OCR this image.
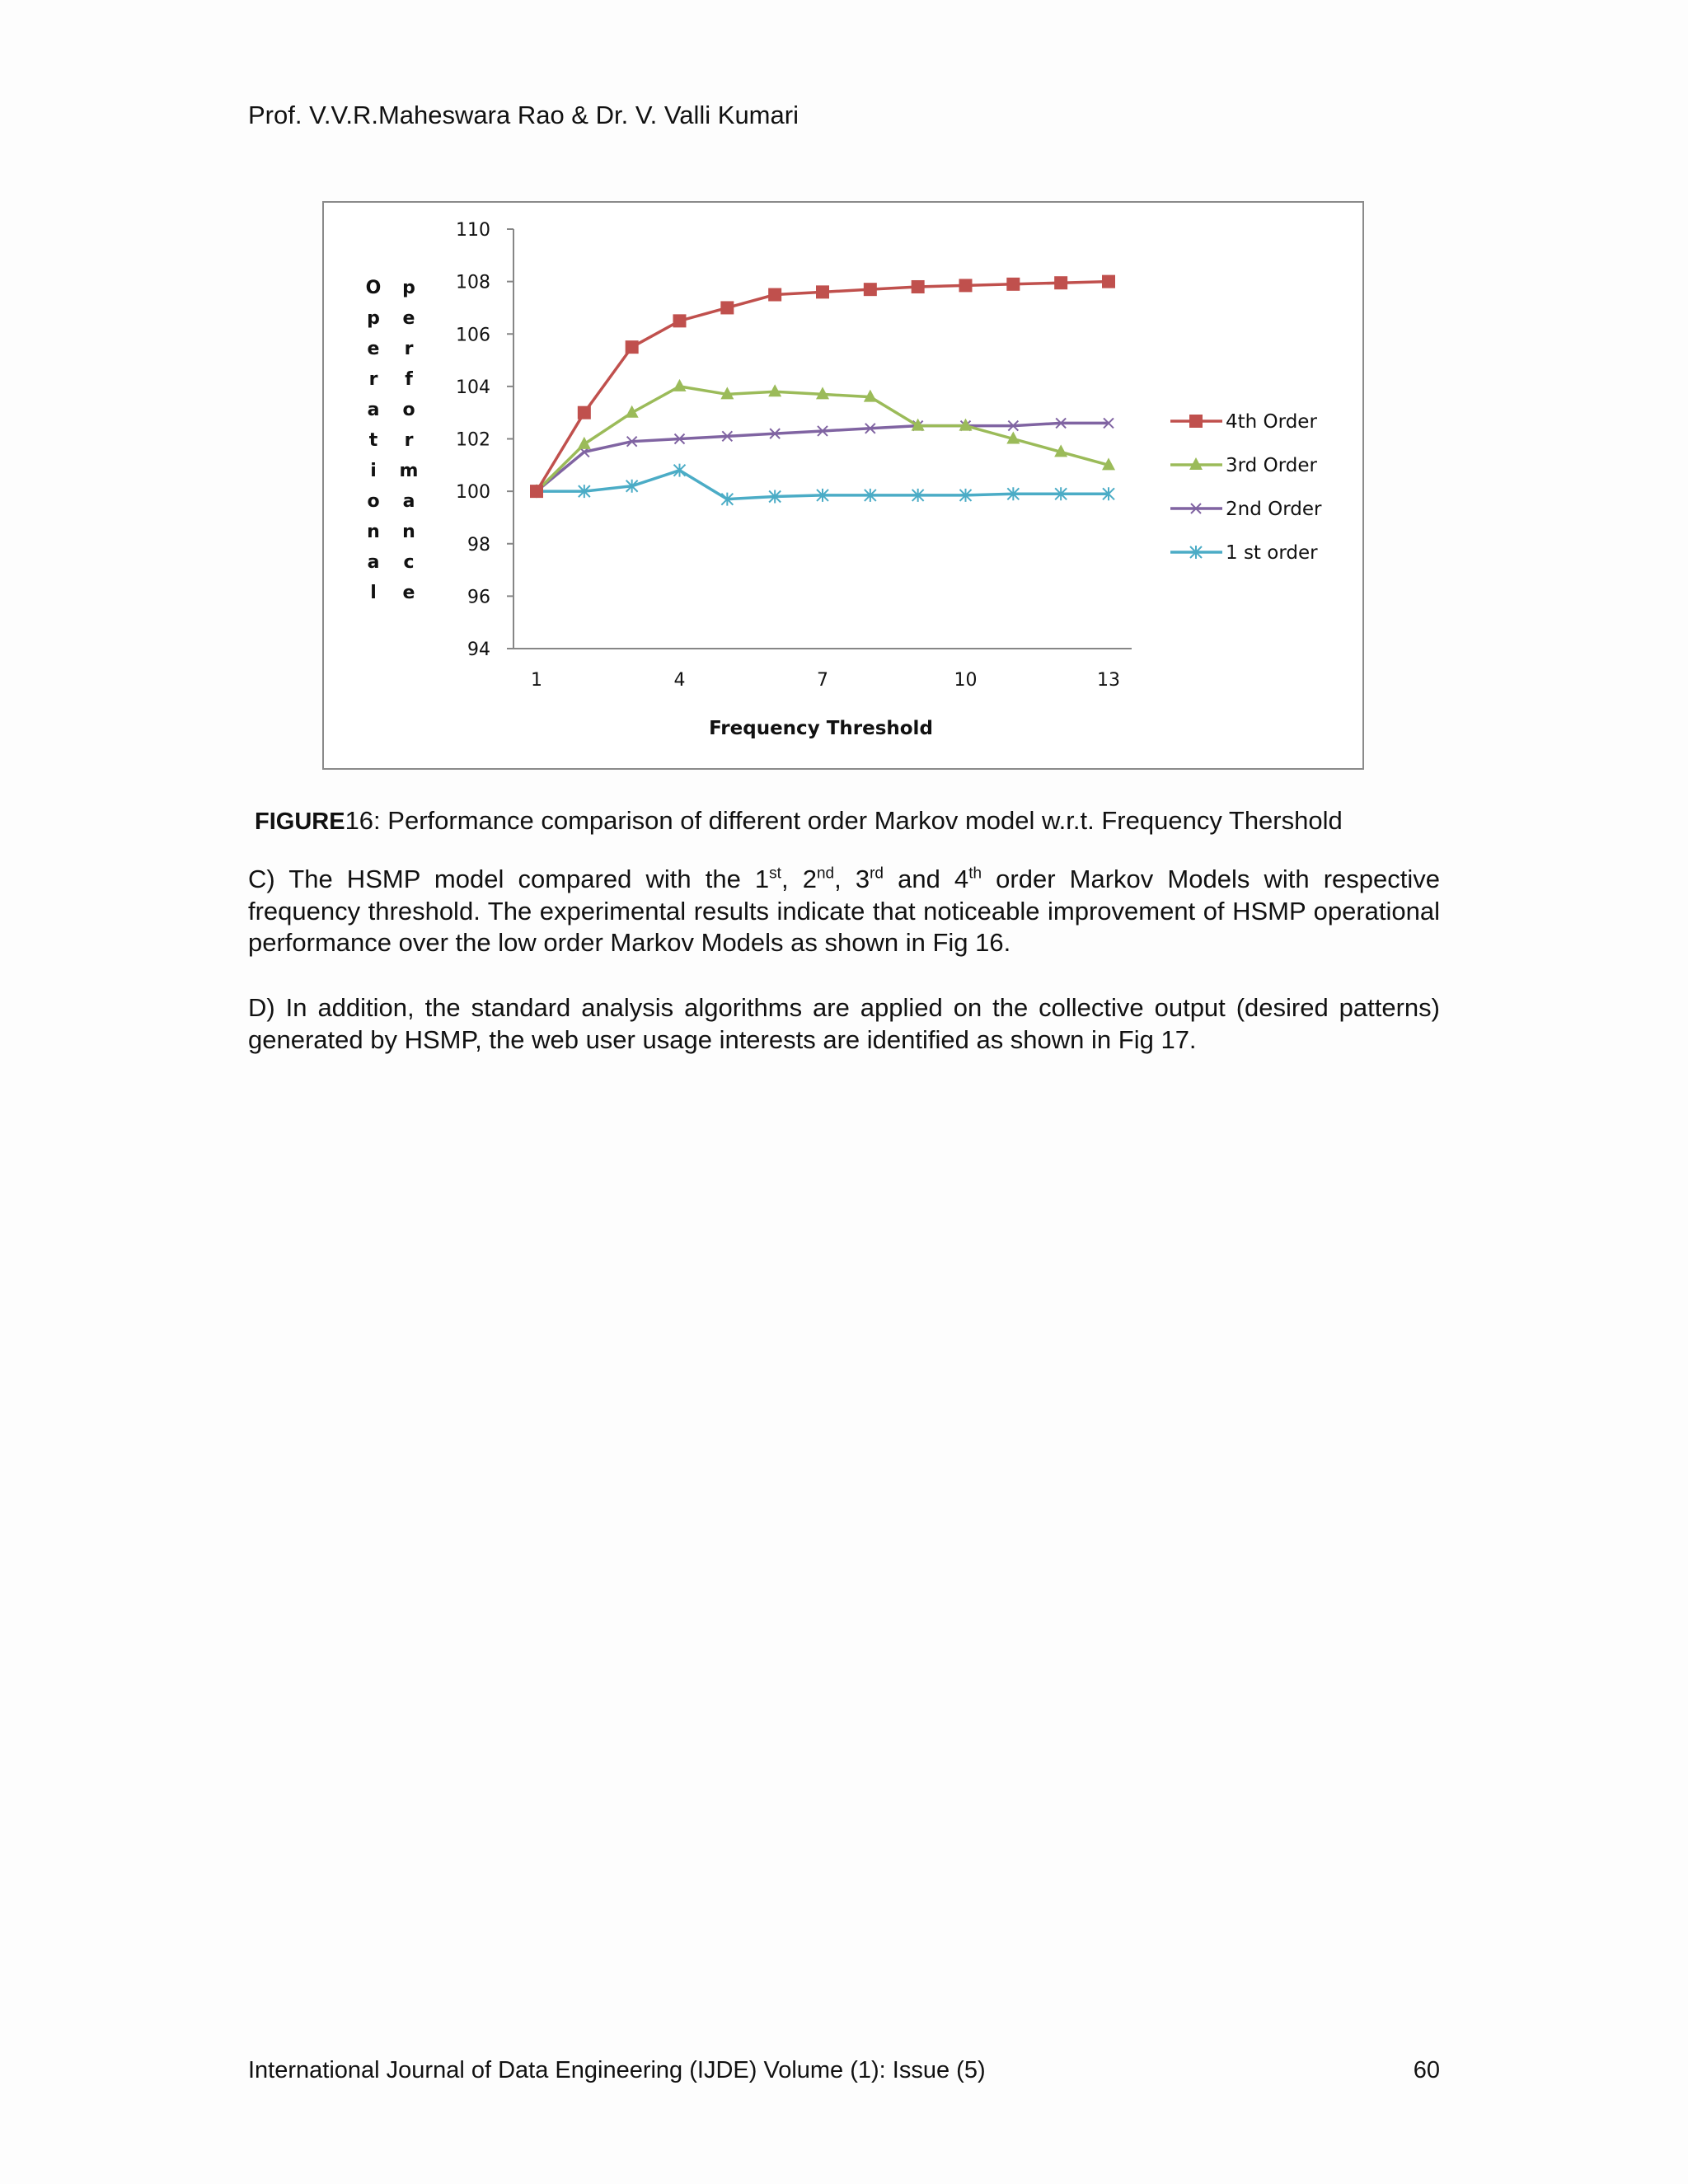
Prof. V.V.R.Maheswara Rao & Dr. V. Valli Kumari
94
96
98
100
102
104
106
108
110
1	4	7	10	13
4th Order
3rd Order
2nd Order
1 st order
O
p
e
r
a
t
i
o
n
a
l
p
e
r
f
o
r
m
a
n
c
e
Frequency Threshold
FIGURE16: Performance comparison of different order Markov model w.r.t. Frequency Thershold
C) The HSMP model compared with the 1st, 2nd, 3rd and 4th order Markov Models with respective frequency threshold. The experimental results indicate that noticeable improvement of HSMP operational performance over the low order Markov Models as shown in Fig 16.
D) In addition, the standard analysis algorithms are applied on the collective output (desired patterns) generated by HSMP, the web user usage interests are identified as shown in Fig 17.
International Journal of Data Engineering (IJDE) Volume (1): Issue (5)	60
